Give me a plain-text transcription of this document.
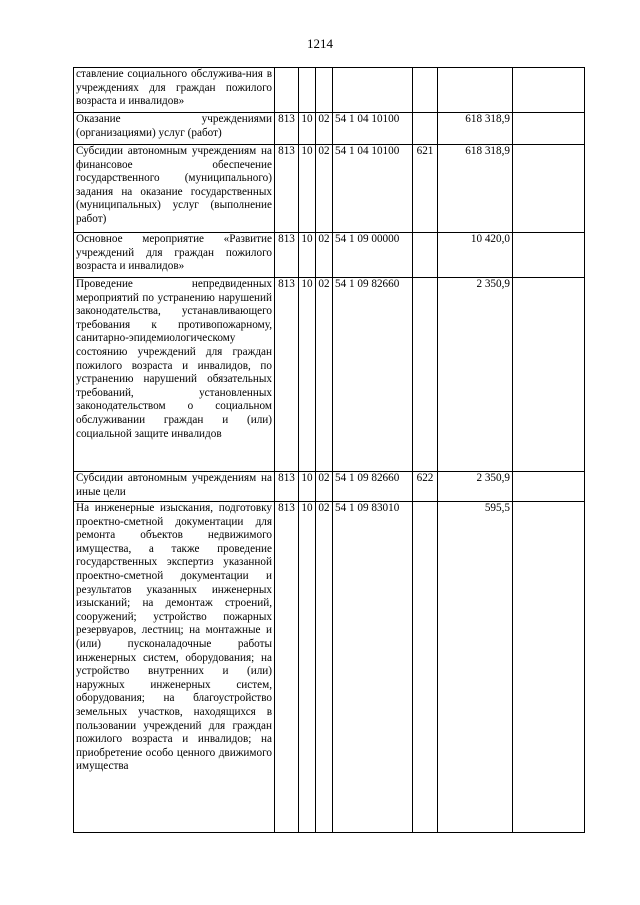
1214
ставление социального обслужива-ния в учреждениях для граждан пожилого возраста и инвалидов»							
Оказание учреждениями (организациями) услуг (работ)	813	10	02	54 1 04 10100		618 318,9	
Субсидии автономным учреждениям на финансовое обеспечение государственного (муниципального) задания на оказание государственных (муниципальных) услуг (выполнение работ)	813	10	02	54 1 04 10100	621	618 318,9	
Основное мероприятие «Развитие учреждений для граждан пожилого возраста и инвалидов»	813	10	02	54 1 09 00000		10 420,0	
Проведение непредвиденных мероприятий по устранению нарушений законодательства, устанавливающего требования к противопожарному, санитарно-эпидемиологическому состоянию учреждений для граждан пожилого возраста и инвалидов, по устранению нарушений обязательных требований, установленных законодательством о социальном обслуживании граждан и (или) социальной защите инвалидов	813	10	02	54 1 09 82660		2 350,9	
Субсидии автономным учреждениям на иные цели	813	10	02	54 1 09 82660	622	2 350,9	
На инженерные изыскания, подготовку проектно-сметной документации для ремонта объектов недвижимого имущества, а также проведение государственных экспертиз указанной проектно-сметной документации и результатов указанных инженерных изысканий; на демонтаж строений, сооружений; устройство пожарных резервуаров, лестниц; на монтажные и (или) пусконаладочные работы инженерных систем, оборудования; на устройство внутренних и (или) наружных инженерных систем, оборудования; на благоустройство земельных участков, находящихся в пользовании учреждений для граждан пожилого возраста и инвалидов; на приобретение особо ценного движимого имущества	813	10	02	54 1 09 83010		595,5	
